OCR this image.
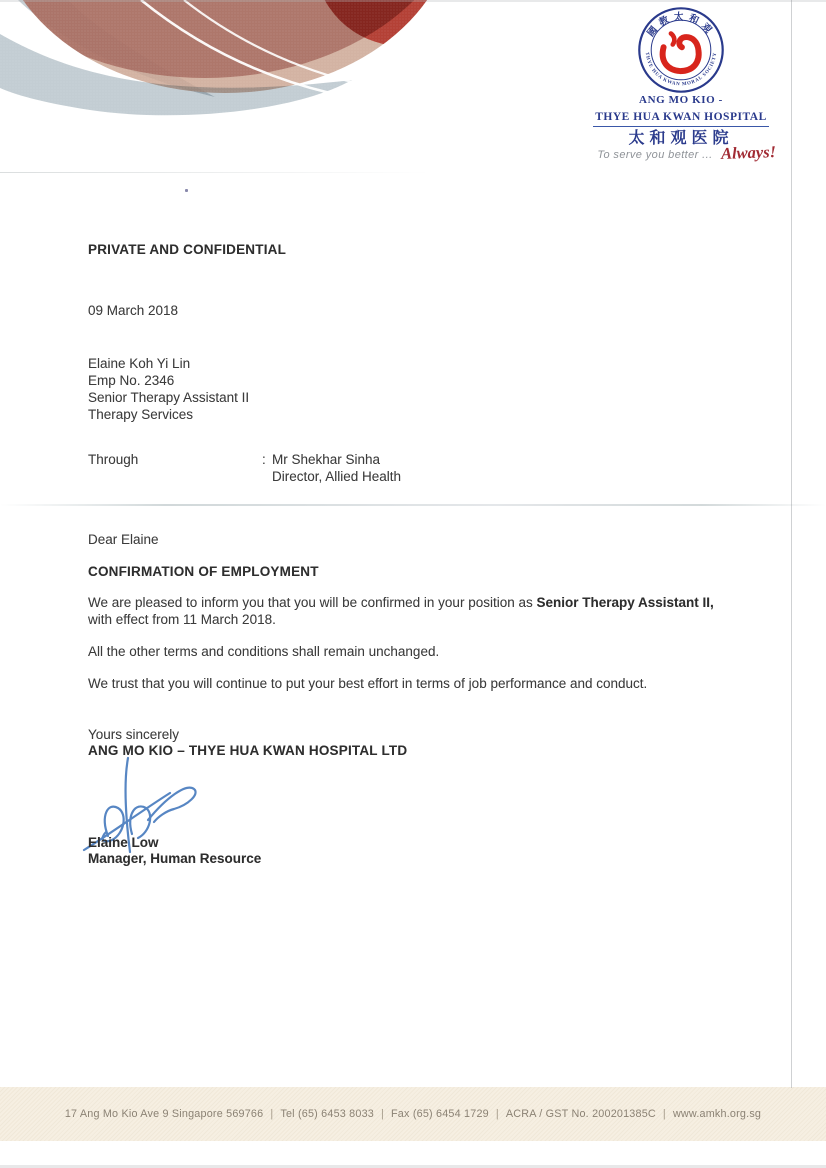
國教太和覌
THYE HUA KWAN MORAL SOCIETY
ANG MO KIO -
THYE HUA KWAN HOSPITAL
太和观医院
To serve you better ... Always!
PRIVATE AND CONFIDENTIAL
09 March 2018
Elaine Koh Yi Lin
Emp No. 2346
Senior Therapy Assistant II
Therapy Services
Through	: Mr Shekhar Sinha
Director, Allied Health
Dear Elaine
CONFIRMATION OF EMPLOYMENT
We are pleased to inform you that you will be confirmed in your position as Senior Therapy Assistant II, with effect from 11 March 2018.
All the other terms and conditions shall remain unchanged.
We trust that you will continue to put your best effort in terms of job performance and conduct.
Yours sincerely
ANG MO KIO – THYE HUA KWAN HOSPITAL LTD
Elaine Low
Manager, Human Resource
17 Ang Mo Kio Ave 9 Singapore 569766 | Tel (65) 6453 8033 | Fax (65) 6454 1729 | ACRA / GST No. 200201385C | www.amkh.org.sg
